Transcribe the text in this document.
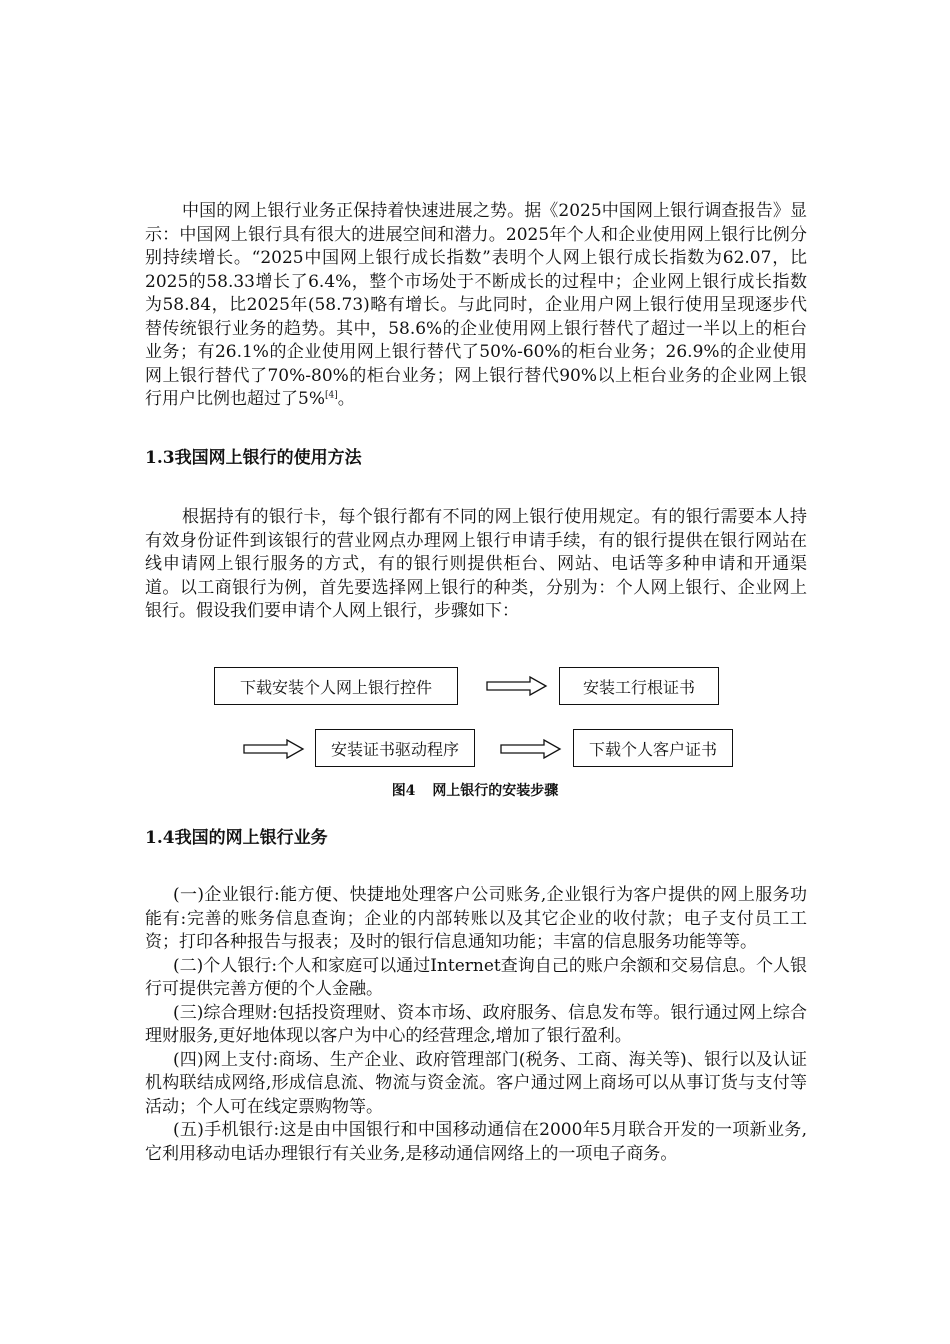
中国的网上银行业务正保持着快速进展之势。据《2025中国网上银行调查报告》显示：中国网上银行具有很大的进展空间和潜力。2025年个人和企业使用网上银行比例分别持续增长。“2025中国网上银行成长指数”表明个人网上银行成长指数为62.07，比2025的58.33增长了6.4%，整个市场处于不断成长的过程中；企业网上银行成长指数为58.84，比2025年(58.73)略有增长。与此同时，企业用户网上银行使用呈现逐步代替传统银行业务的趋势。其中，58.6%的企业使用网上银行替代了超过一半以上的柜台业务；有26.1%的企业使用网上银行替代了50%-60%的柜台业务；26.9%的企业使用网上银行替代了70%-80%的柜台业务；网上银行替代90%以上柜台业务的企业网上银行用户比例也超过了5%[4]。

1.3我国网上银行的使用方法

根据持有的银行卡，每个银行都有不同的网上银行使用规定。有的银行需要本人持有效身份证件到该银行的营业网点办理网上银行申请手续，有的银行提供在银行网站在线申请网上银行服务的方式，有的银行则提供柜台、网站、电话等多种申请和开通渠道。以工商银行为例，首先要选择网上银行的种类，分别为：个人网上银行、企业网上银行。假设我们要申请个人网上银行，步骤如下：

下载安装个人网上银行控件	安装工行根证书
安装证书驱动程序	下载个人客户证书
图4 网上银行的安装步骤
1.4我国的网上银行业务

(一)企业银行:能方便、快捷地处理客户公司账务,企业银行为客户提供的网上服务功能有:完善的账务信息查询；企业的内部转账以及其它企业的收付款；电子支付员工工资；打印各种报告与报表；及时的银行信息通知功能；丰富的信息服务功能等等。

(二)个人银行:个人和家庭可以通过Internet查询自己的账户余额和交易信息。个人银行可提供完善方便的个人金融。

(三)综合理财:包括投资理财、资本市场、政府服务、信息发布等。银行通过网上综合理财服务,更好地体现以客户为中心的经营理念,增加了银行盈利。

(四)网上支付:商场、生产企业、政府管理部门(税务、工商、海关等)、银行以及认证机构联结成网络,形成信息流、物流与资金流。客户通过网上商场可以从事订货与支付等活动；个人可在线定票购物等。

(五)手机银行:这是由中国银行和中国移动通信在2000年5月联合开发的一项新业务,它利用移动电话办理银行有关业务,是移动通信网络上的一项电子商务。
